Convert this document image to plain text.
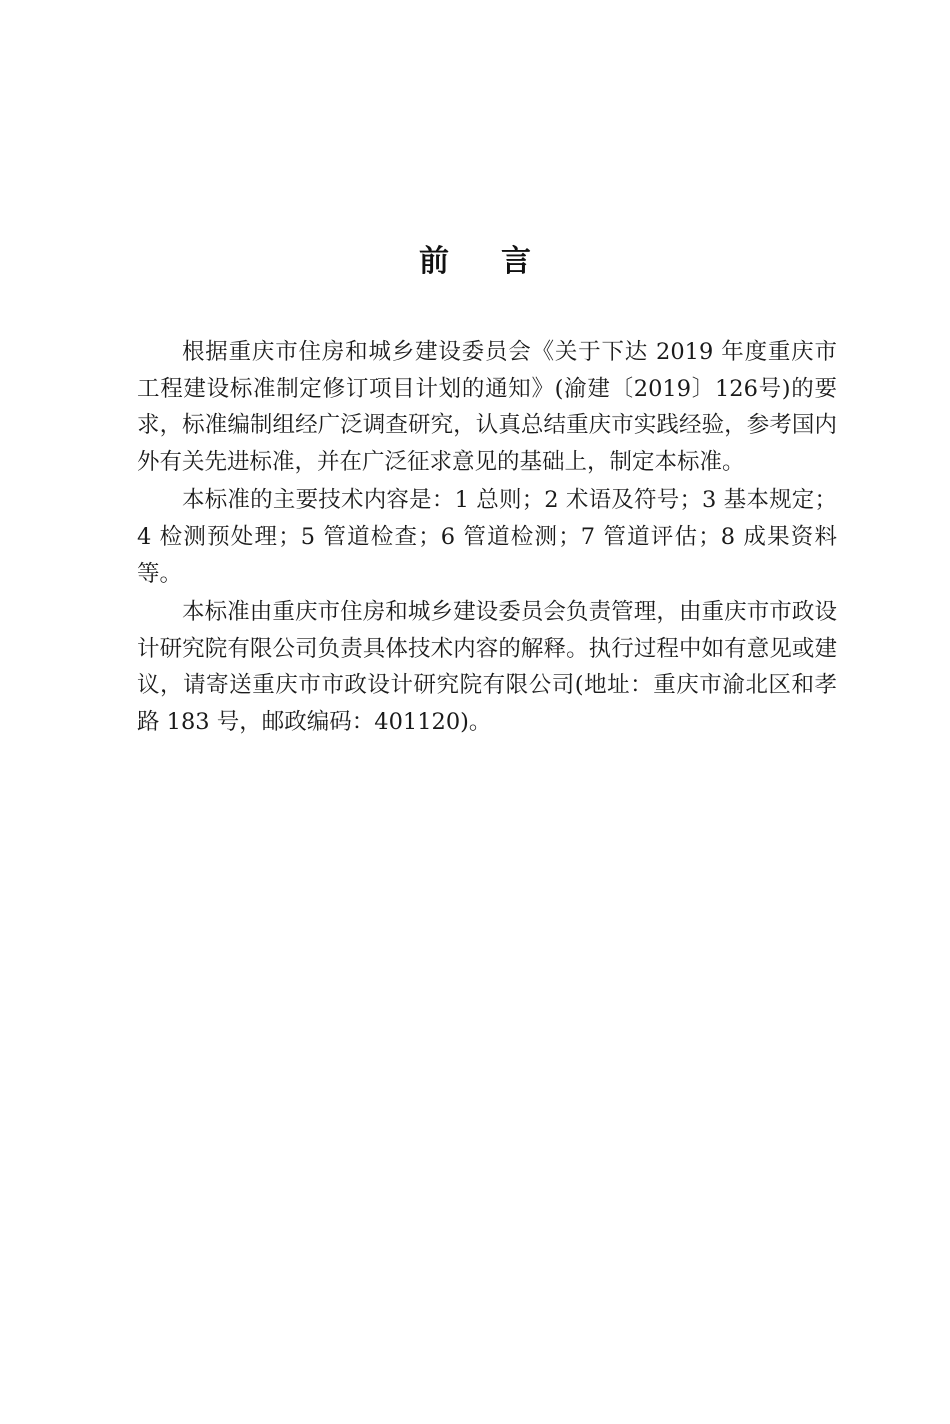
前 言

根据重庆市住房和城乡建设委员会《关于下达 2019 年度重庆市工程建设标准制定修订项目计划的通知》(渝建〔2019〕126号)的要求，标准编制组经广泛调查研究，认真总结重庆市实践经验，参考国内外有关先进标准，并在广泛征求意见的基础上，制定本标准。

本标准的主要技术内容是：1 总则；2 术语及符号；3 基本规定；4 检测预处理；5 管道检查；6 管道检测；7 管道评估；8 成果资料等。

本标准由重庆市住房和城乡建设委员会负责管理，由重庆市市政设计研究院有限公司负责具体技术内容的解释。执行过程中如有意见或建议，请寄送重庆市市政设计研究院有限公司(地址：重庆市渝北区和孝路 183 号，邮政编码：401120)。
